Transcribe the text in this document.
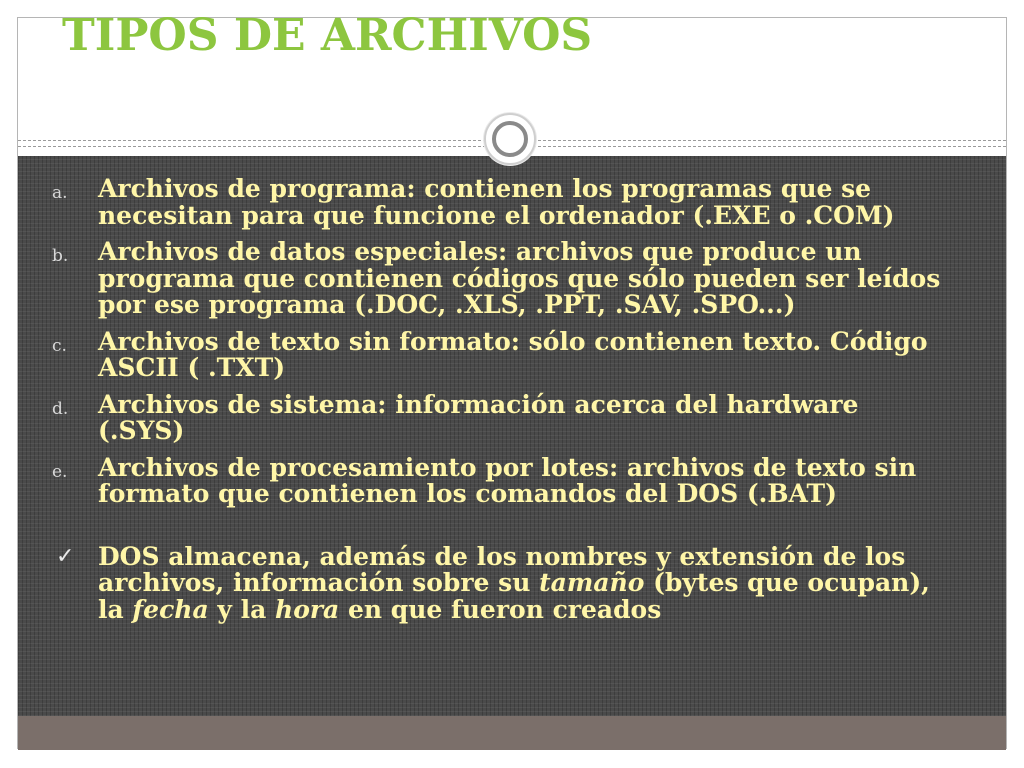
TIPOS DE ARCHIVOS
a. Archivos de programa: contienen los programas que se necesitan para que funcione el ordenador (.EXE o .COM)
b. Archivos de datos especiales: archivos que produce un programa que contienen códigos que sólo pueden ser leídos por ese programa (.DOC, .XLS, .PPT, .SAV, .SPO...)
c. Archivos de texto sin formato: sólo contienen texto. Código ASCII ( .TXT)
d. Archivos de sistema: información acerca del hardware (.SYS)
e. Archivos de procesamiento por lotes: archivos de texto sin formato que contienen los comandos del DOS (.BAT)
✓ DOS almacena, además de los nombres y extensión de los archivos, información sobre su tamaño (bytes que ocupan), la fecha y la hora en que fueron creados
